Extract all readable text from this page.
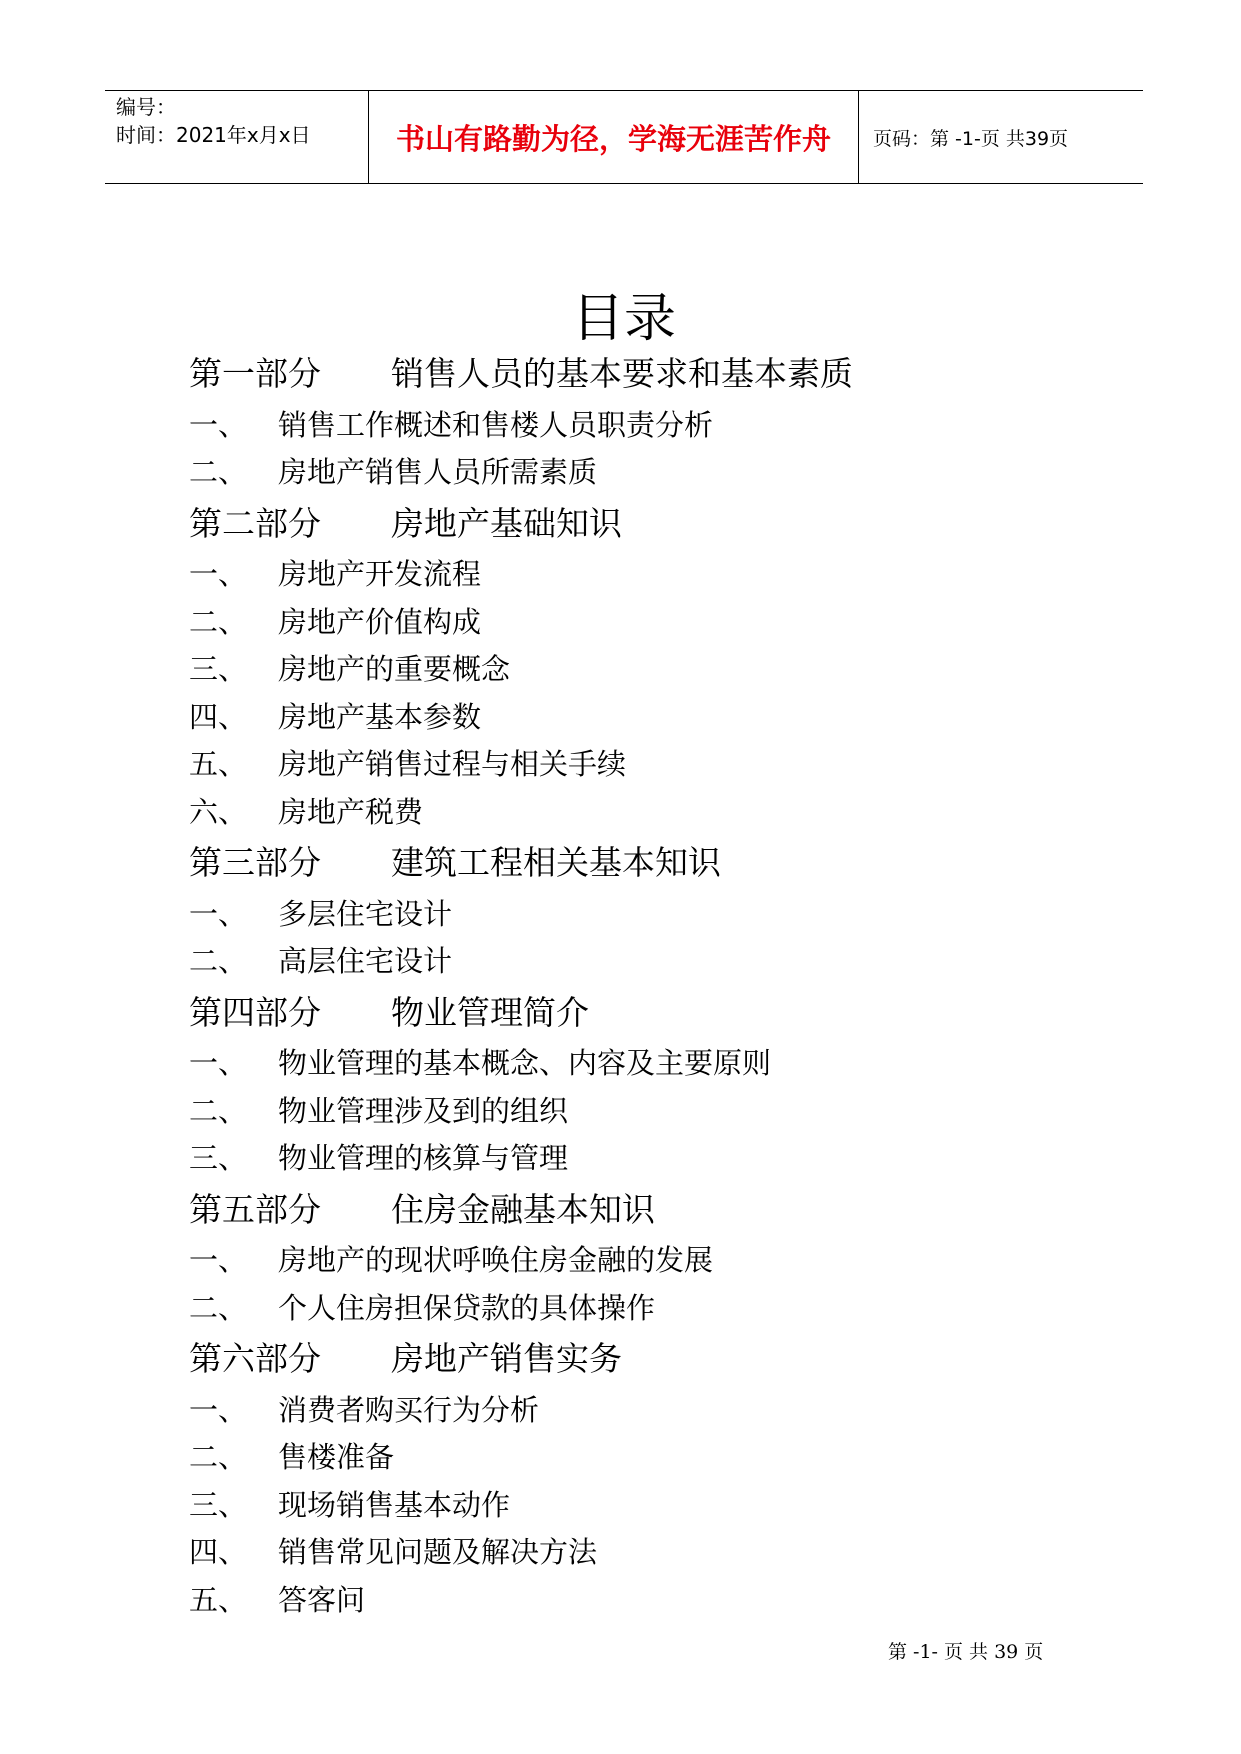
编号：
时间：2021年x月x日	书山有路勤为径，学海无涯苦作舟	页码：第 -1-页 共39页
目录
第一部分	销售人员的基本要求和基本素质
一、	销售工作概述和售楼人员职责分析
二、	房地产销售人员所需素质
第二部分	房地产基础知识
一、	房地产开发流程
二、	房地产价值构成
三、	房地产的重要概念
四、	房地产基本参数
五、	房地产销售过程与相关手续
六、	房地产税费
第三部分	建筑工程相关基本知识
一、	多层住宅设计
二、	高层住宅设计
第四部分	物业管理简介
一、	物业管理的基本概念、内容及主要原则
二、	物业管理涉及到的组织
三、	物业管理的核算与管理
第五部分	住房金融基本知识
一、	房地产的现状呼唤住房金融的发展
二、	个人住房担保贷款的具体操作
第六部分	房地产销售实务
一、	消费者购买行为分析
二、	售楼准备
三、	现场销售基本动作
四、	销售常见问题及解决方法
五、	答客问
第 -1- 页 共 39 页
